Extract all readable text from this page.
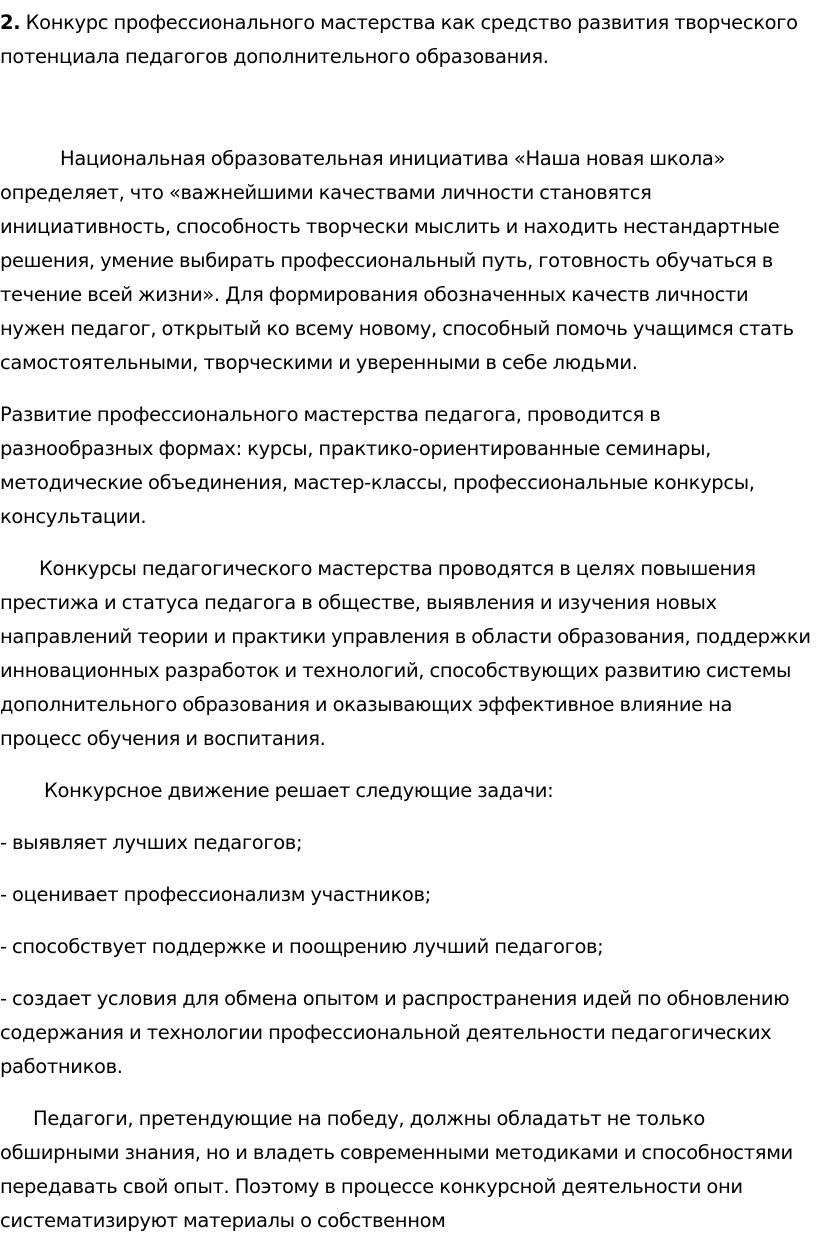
2. Конкурс профессионального мастерства как средство развития творческого потенциала педагогов дополнительного образования.

Национальная образовательная инициатива «Наша новая школа» определяет, что «важнейшими качествами личности становятся инициативность, способность творчески мыслить и находить нестандартные решения, умение выбирать профессиональный путь, готовность обучаться в течение всей жизни». Для формирования обозначенных качеств личности нужен педагог, открытый ко всему новому, способный помочь учащимся стать самостоятельными, творческими и уверенными в себе людьми.

Развитие профессионального мастерства педагога, проводится в разнообразных формах: курсы, практико-ориентированные семинары, методические объединения, мастер-классы, профессиональные конкурсы, консультации.

Конкурсы педагогического мастерства проводятся в целях повышения престижа и статуса педагога в обществе, выявления и изучения новых направлений теории и практики управления в области образования, поддержки инновационных разработок и технологий, способствующих развитию системы дополнительного образования и оказывающих эффективное влияние на процесс обучения и воспитания.

Конкурсное движение решает следующие задачи:

- выявляет лучших педагогов;

- оценивает профессионализм участников;

- способствует поддержке и поощрению лучший педагогов;

- создает условия для обмена опытом и распространения идей по обновлению содержания и технологии профессиональной деятельности педагогических работников.

Педагоги, претендующие на победу, должны обладатьт не только обширными знания, но и владеть современными методиками и способностями передавать свой опыт. Поэтому в процессе конкурсной деятельности они систематизируют материалы о собственном
